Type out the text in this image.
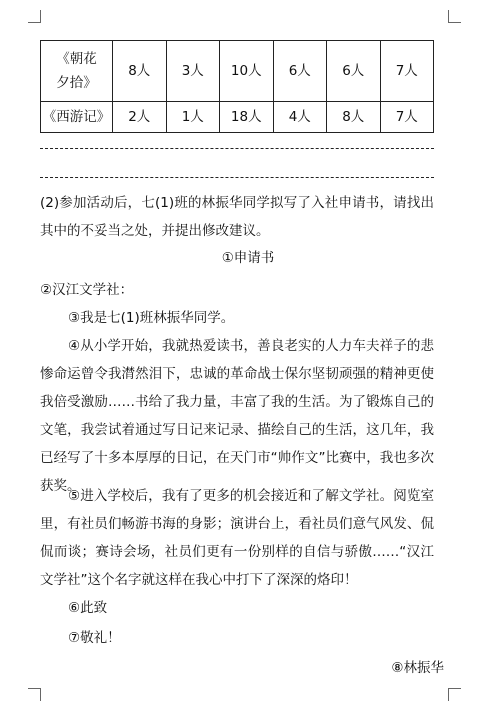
《朝花
夕拾》	8人	3人	10人	6人	6人	7人
《西游记》	2人	1人	18人	4人	8人	7人

(2)参加活动后，七(1)班的林振华同学拟写了入社申请书，请找出其中的不妥当之处，并提出修改建议。

①申请书

②汉江文学社：

③我是七(1)班林振华同学。

④从小学开始，我就热爱读书，善良老实的人力车夫祥子的悲惨命运曾令我潸然泪下，忠诚的革命战士保尔坚韧顽强的精神更使我倍受激励……书给了我力量，丰富了我的生活。为了锻炼自己的文笔，我尝试着通过写日记来记录、描绘自己的生活，这几年，我已经写了十多本厚厚的日记，在天门市“帅作文”比赛中，我也多次获奖。

⑤进入学校后，我有了更多的机会接近和了解文学社。阅览室里，有社员们畅游书海的身影；演讲台上，看社员们意气风发、侃侃而谈；赛诗会场，社员们更有一份别样的自信与骄傲……“汉江文学社”这个名字就这样在我心中打下了深深的烙印！

⑥此致

⑦敬礼！

⑧林振华
